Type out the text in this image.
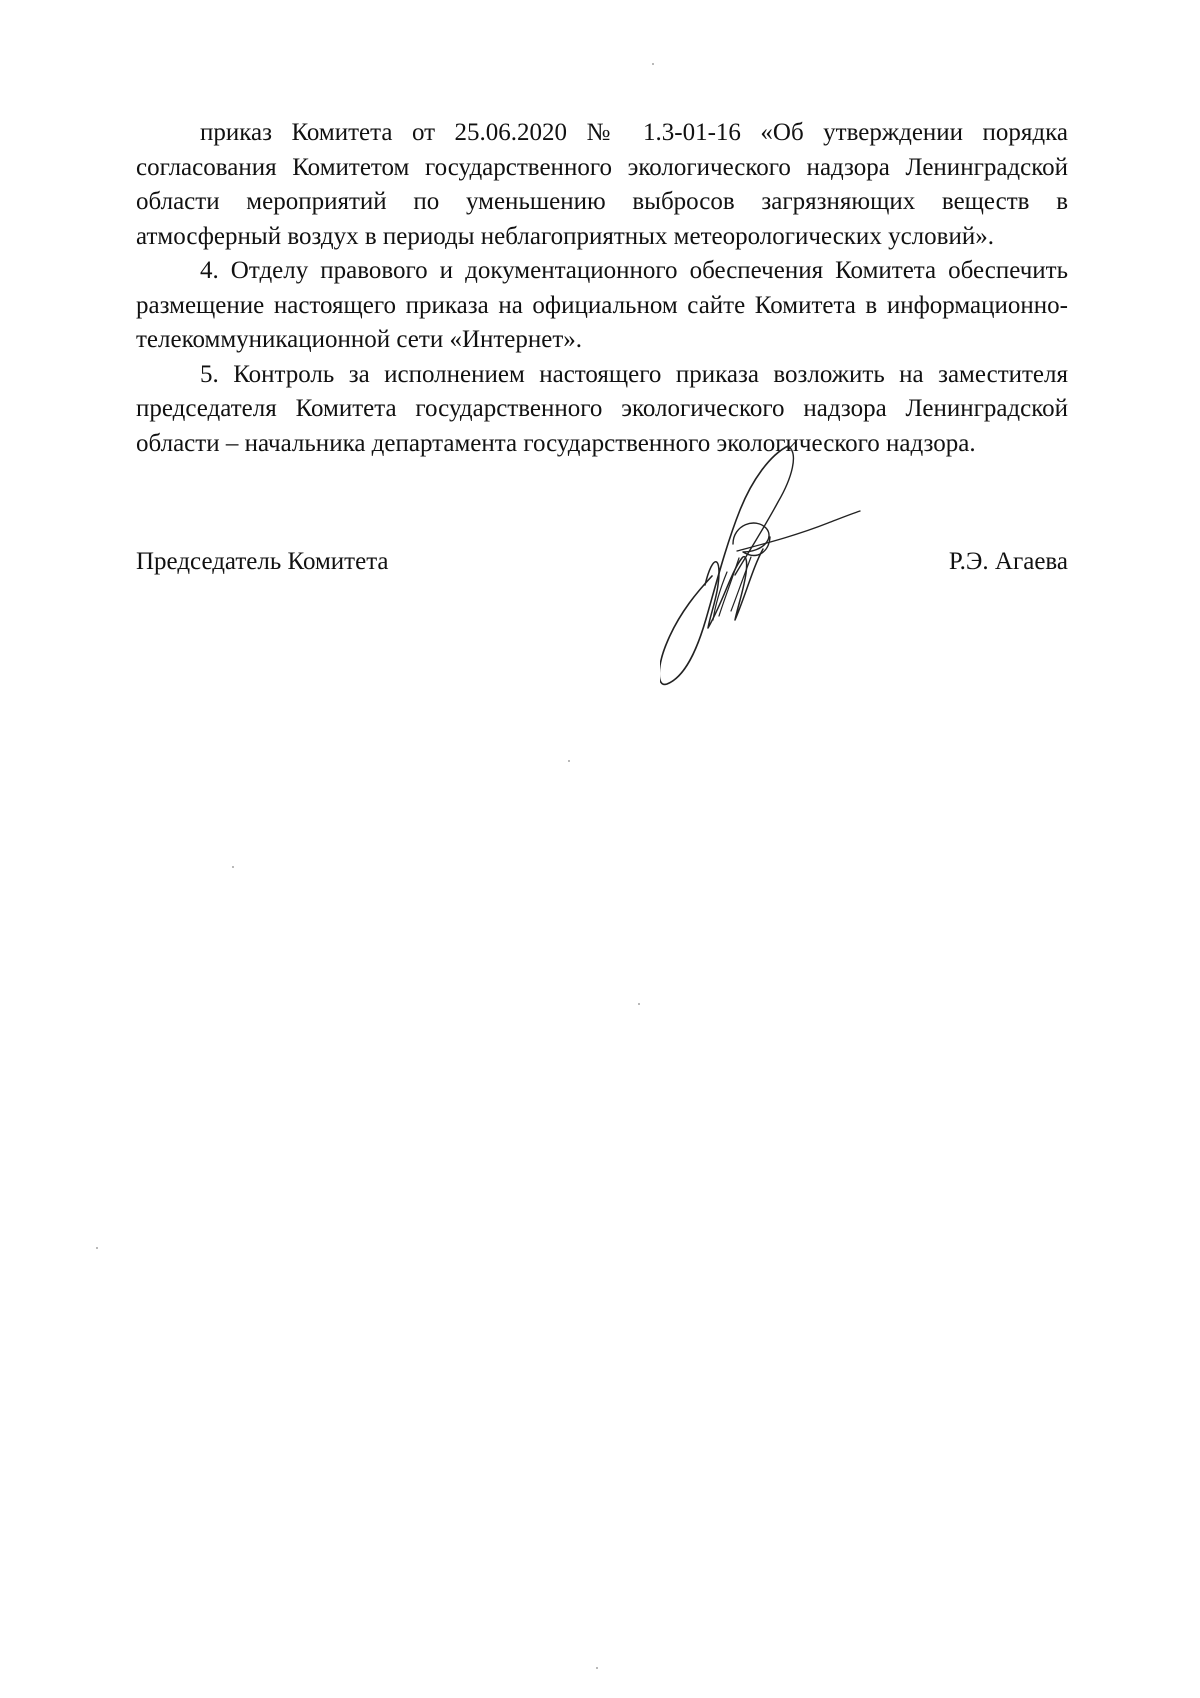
приказ Комитета от 25.06.2020 № 1.3-01-16 «Об утверждении порядка согласования Комитетом государственного экологического надзора Ленинградской области мероприятий по уменьшению выбросов загрязняющих веществ в атмосферный воздух в периоды неблагоприятных метеорологических условий».

4. Отделу правового и документационного обеспечения Комитета обеспечить размещение настоящего приказа на официальном сайте Комитета в информационно-телекоммуникационной сети «Интернет».

5. Контроль за исполнением настоящего приказа возложить на заместителя председателя Комитета государственного экологического надзора Ленинградской области – начальника департамента государственного экологического надзора.

Председатель Комитета	Р.Э. Агаева
